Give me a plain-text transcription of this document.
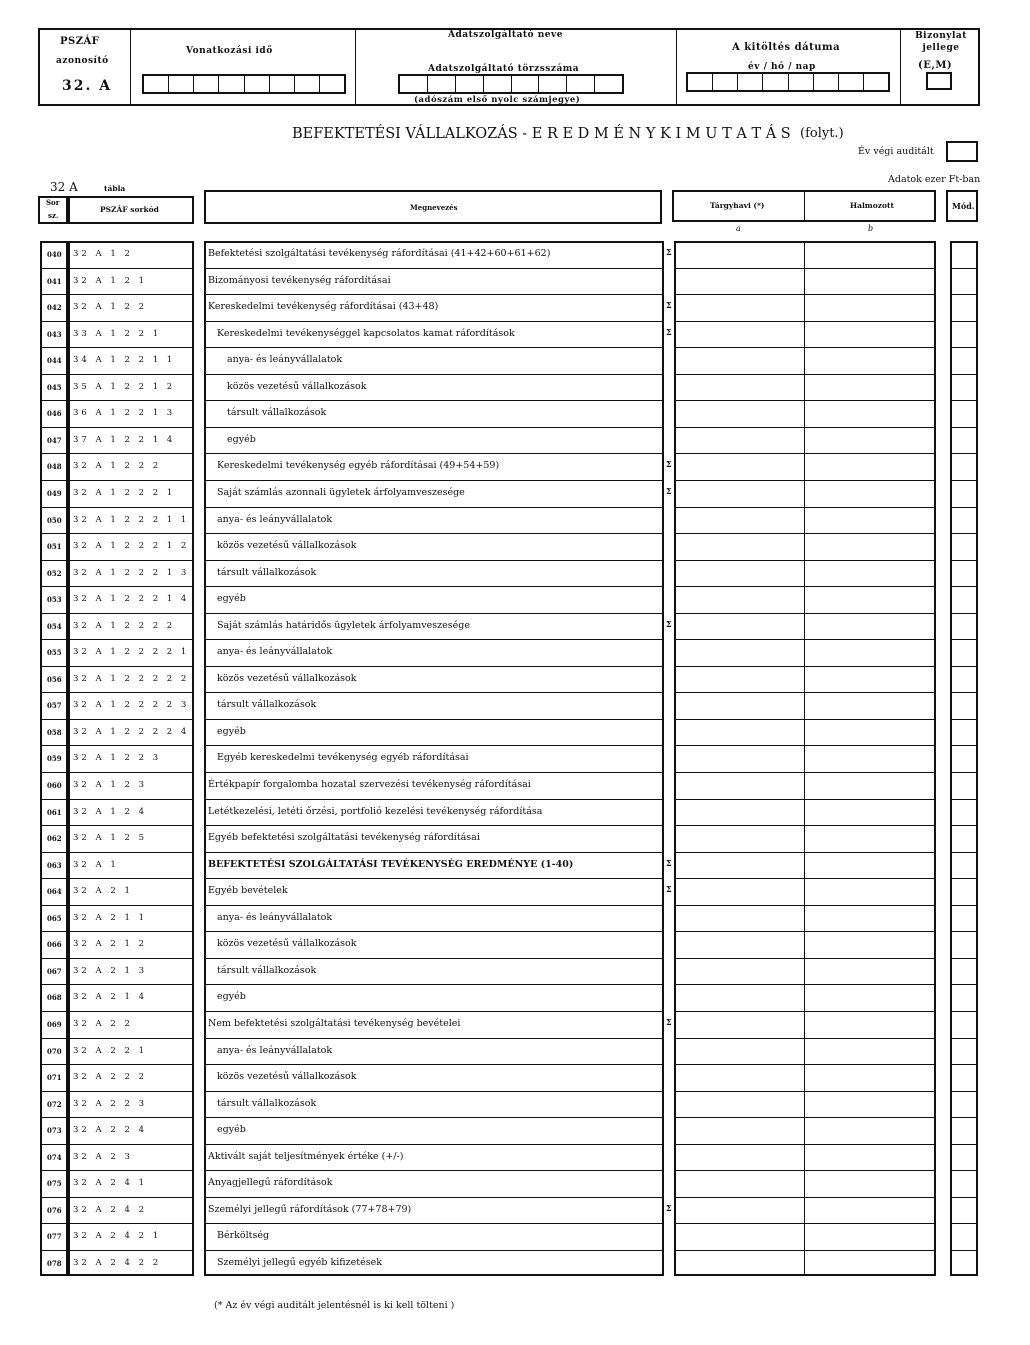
PSZÁF
azonosító
32. A
Vonatkozási idő
Adatszolgáltató neve
Adatszolgáltató törzsszáma
(adószám első nyolc számjegye)
A kitöltés dátuma
év / hó / nap
Bizonylat jellege
(E,M)
BEFEKTETÉSI VÁLLALKOZÁS - E R E D M É N Y K I M U T A T Á S (folyt.)
Év végi auditált
Adatok ezer Ft-ban
32 A	tábla
Sor
sz.
PSZÁF sorkód	Megnevezés	Tárgyhavi (*)	Halmozott	Mód.
a	b
040 32 A 1 2	Befektetési szolgáltatási tevékenység ráfordításai (41+42+60+61+62)	Σ
041 32 A 1 2 1	Bizományosi tevékenység ráfordításai
042 32 A 1 2 2	Kereskedelmi tevékenység ráfordításai (43+48)	Σ
043 33 A 1 2 2 1	Kereskedelmi tevékenységgel kapcsolatos kamat ráfordítások	Σ
044 34 A 1 2 2 1 1	anya- és leányvállalatok
045 35 A 1 2 2 1 2	közös vezetésű vállalkozások
046 36 A 1 2 2 1 3	társult vállalkozások
047 37 A 1 2 2 1 4	egyéb
048 32 A 1 2 2 2	Kereskedelmi tevékenység egyéb ráfordításai (49+54+59)	Σ
049 32 A 1 2 2 2 1	Saját számlás azonnali ügyletek árfolyamveszesége	Σ
050 32 A 1 2 2 2 1 1	anya- és leányvállalatok
051 32 A 1 2 2 2 1 2	közös vezetésű vállalkozások
052 32 A 1 2 2 2 1 3	társult vállalkozások
053 32 A 1 2 2 2 1 4	egyéb
054 32 A 1 2 2 2 2	Saját számlás határidős ügyletek árfolyamveszesége	Σ
055 32 A 1 2 2 2 2 1	anya- és leányvállalatok
056 32 A 1 2 2 2 2 2	közös vezetésű vállalkozások
057 32 A 1 2 2 2 2 3	társult vállalkozások
058 32 A 1 2 2 2 2 4	egyéb
059 32 A 1 2 2 3	Egyéb kereskedelmi tevékenység egyéb ráfordításai
060 32 A 1 2 3	Értékpapír forgalomba hozatal szervezési tevékenység ráfordításai
061 32 A 1 2 4	Letétkezelési, letéti őrzési, portfolió kezelési tevékenység ráfordítása
062 32 A 1 2 5	Egyéb befektetési szolgáltatási tevékenység ráfordításai
063 32 A 1	BEFEKTETÉSI SZOLGÁLTATÁSI TEVÉKENYSÉG EREDMÉNYE (1-40)	Σ
064 32 A 2 1	Egyéb bevételek	Σ
065 32 A 2 1 1	anya- és leányvállalatok
066 32 A 2 1 2	közös vezetésű vállalkozások
067 32 A 2 1 3	társult vállalkozások
068 32 A 2 1 4	egyéb
069 32 A 2 2	Nem befektetési szolgáltatási tevékenység bevételei	Σ
070 32 A 2 2 1	anya- és leányvállalatok
071 32 A 2 2 2	közös vezetésű vállalkozások
072 32 A 2 2 3	társult vállalkozások
073 32 A 2 2 4	egyéb
074 32 A 2 3	Aktivált saját teljesítmények értéke (+/-)
075 32 A 2 4 1	Anyagjellegű ráfordítások
076 32 A 2 4 2	Személyi jellegű ráfordítások (77+78+79)	Σ
077 32 A 2 4 2 1	Bérköltség
078 32 A 2 4 2 2	Személyi jellegű egyéb kifizetések
(* Az év végi auditált jelentésnél is ki kell tölteni )
